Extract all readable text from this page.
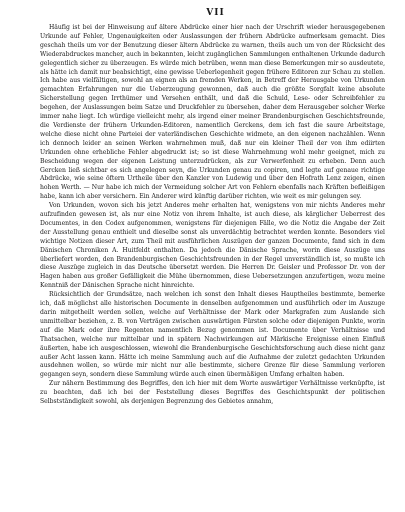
VII

Häufig ist bei der Hinweisung auf ältere Abdrücke einer hier nach der Urschrift wieder herausgegebenen Urkunde auf Fehler, Ungenauigkeiten oder Auslassungen der frühern Abdrücke aufmerksam gemacht. Dies geschah theils um vor der Benutzung dieser ältern Abdrücke zu warnen, theils auch um von der Rücksicht des Wiederabdruckes mancher, auch in bekannten, leicht zugänglichen Sammlungen enthaltenen Urkunde dadurch gelegentlich sicher zu überzeugen. Es würde mich betrüben, wenn man diese Bemerkungen mir so ausdeutete, als hätte ich damit nur beabsichtigt, eine gewisse Ueberlegenheit gegen frühere Editoren zur Schau zu stellen. Ich habe aus vielfältigen, sowohl an eignen als an fremden Werken, in Betreff der Herausgabe von Urkunden gemachten Erfahrungen nur die Ueberzeugung gewonnen, daß auch die größte Sorgfalt keine absolute Sicherstellung gegen Irrthümer und Versehen enthält, und daß die Schuld, Lese- oder Schreibfehler zu begehen, der Auslassungen beim Satze und Druckfehler zu übersehen, daher dem Herausgeber solcher Werke immer nahe liegt. Ich würdige vielleicht mehr, als irgend einer meiner Brandenburgischen Geschichtsfreunde, die Verdienste der frühern Urkunden-Editoren, namentlich Gerckens, dem ich fast die saure Arbeitstage, welche diese nicht ohne Parteiei der vaterländischen Geschichte widmete, an den eigenen nachzählen. Wenn ich dennoch leider an seinen Werken wahrnehmen muß, daß nur ein kleiner Theil der von ihm ediirten Urkunden ohne erhebliche Fehler abgedruckt ist; so ist diese Wahrnehmung wohl mehr geeignet, mich zu Bescheidung wegen der eigenen Leistung unterzudrücken, als zur Verwerfenheit zu erheben. Denn auch Gercken ließ sichtbar es sich angelegen seyn, die Urkunden genau zu copiren, und legte auf genaue richtige Abdrücke, wie seine öftern Urtheile über den Kanzler von Ludewig und über den Hofrath Lenz zeigen, einen hohen Werth. — Nur habe ich mich der Vermeidung solcher Art von Fehlern ebenfalls nach Kräften befleißigen habe, kann ich aber versichern. Ein Anderer wird künftig darüber richten, wie weit es mir gelungen sey.

Von Urkunden, wovon sich bis jetzt Anderes mehr erhalten hat, wenigstens von mir nichts Anderes mehr aufzufinden gewesen ist, als nur eine Notiz von ihrem Inhalte, ist auch diese, als kärglicher Ueberrest des Documentes, in den Codex aufgenommen, wenigstens für diejenigen Fälle, wo die Notiz die Angabe der Zeit der Ausstellung genau enthielt und dieselbe sonst als unverdächtig betrachtet werden konnte. Besonders viel wichtige Notizen dieser Art, zum Theil mit ausführlichen Auszügen der ganzen Documente, fand sich in dem Dänischen Chroniken A. Huitfeldt enthalten. Da jedoch die Dänische Sprache, worin diese Auszüge uns überliefert worden, den Brandenburgischen Geschichtsfreunden in der Regel unverständlich ist, so mußte ich diese Auszüge zugleich in das Deutsche übersetzt werden. Die Herren Dr. Geisler und Professor Dr. von der Hagen haben aus großer Gefälligkeit die Mühe übernommen, diese Uebersetzungen anzufertigen, wozu meine Kenntniß der Dänischen Sprache nicht hinreichte.

Rücksichtlich der Grundsätze, nach welchen ich sonst den Inhalt dieses Hauptheiles bestimmte, bemerke ich, daß möglichst alle historischen Documente in denselben aufgenommen und ausführlich oder im Auszuge darin mitgetheilt werden sollen, welche auf Verhältnisse der Mark oder Markgrafen zum Auslande sich unmittelbar beziehen, z. B. von Verträgen zwischen auswärtigen Fürsten solche oder diejenigen Punkte, worin auf die Mark oder ihre Regenten namentlich Bezug genommen ist. Documente über Verhältnisse und Thatsachen, welche nur mittelbar und in spätern Nachwirkungen auf Märkische Ereignisse einen Einfluß äußerten, habe ich ausgeschlossen, wiewohl die Brandenburgische Geschichtsforschung auch diese nicht ganz außer Acht lassen kann. Hätte ich meine Sammlung auch auf die Aufnahme der zuletzt gedachten Urkunden ausdehnen wollen, so würde mir nicht nur alle bestimmte, sichere Grenze für diese Sammlung verloren gegangen seyn, sondern diese Sammlung würde auch einen übermäßigen Umfang erhalten haben.

Zur nähern Bestimmung des Begriffes, den ich hier mit dem Worte auswärtiger Verhältnisse verknüpfte, ist zu beachten, daß ich bei der Feststellung dieses Begriffes des Geschichtspunkt der politischen Selbstständigkeit sowohl, als derjenigen Begrenzung des Gebietes annahm,
